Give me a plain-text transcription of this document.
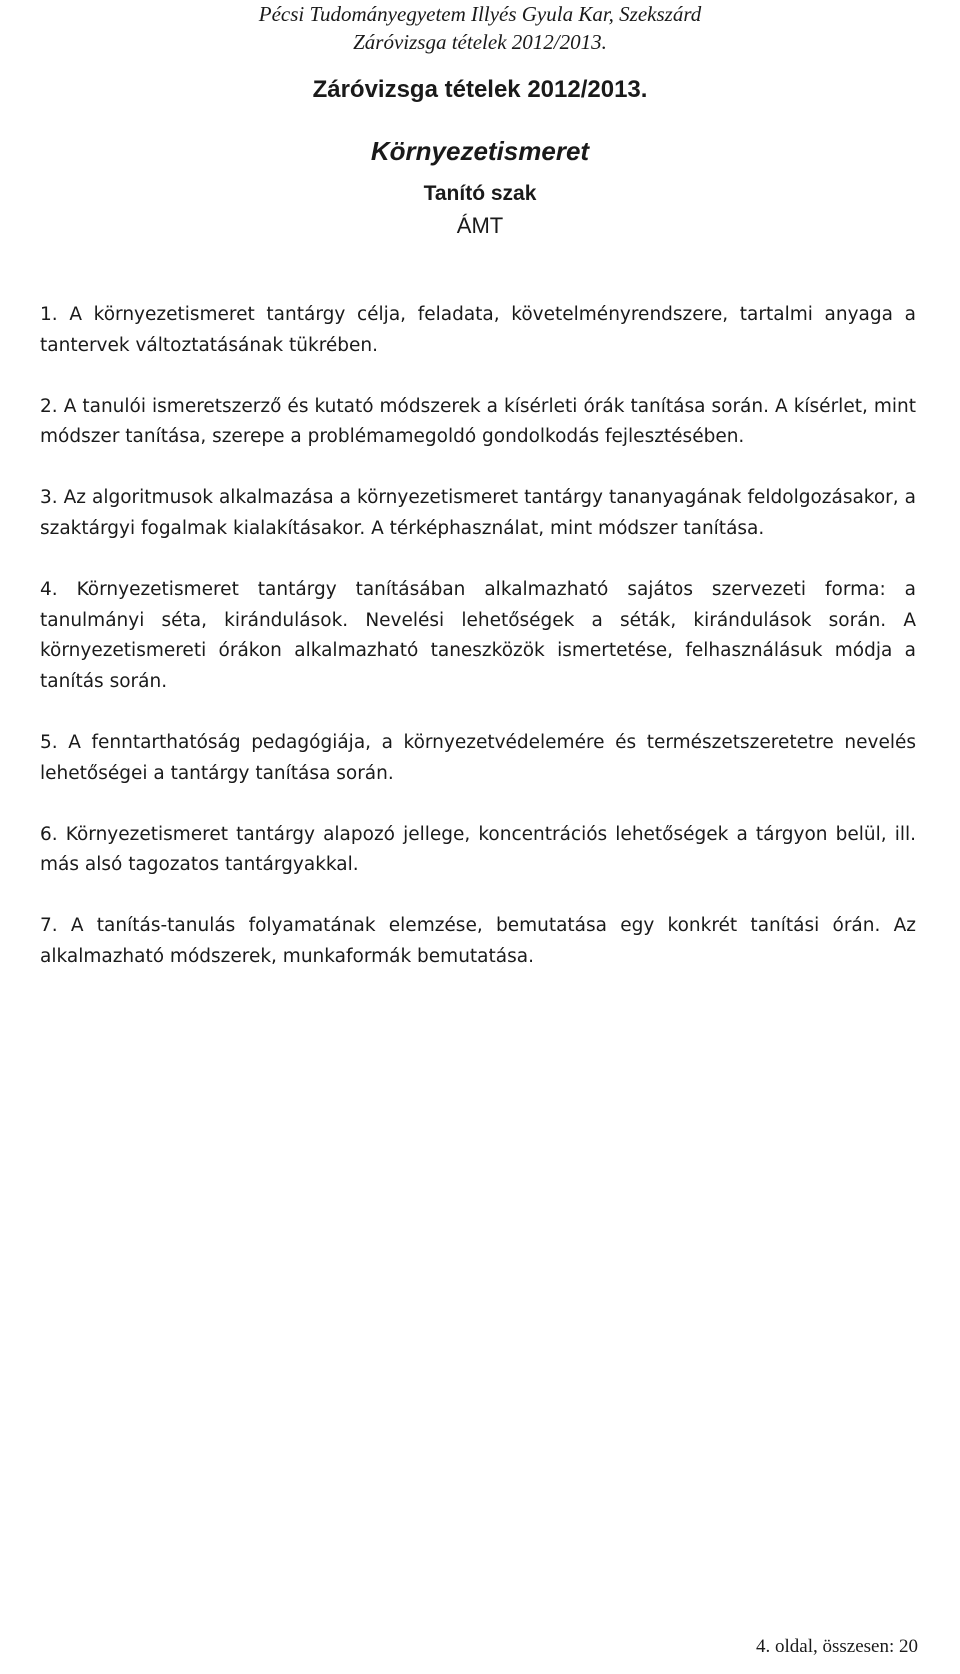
Pécsi Tudományegyetem Illyés Gyula Kar, Szekszárd
Záróvizsga tételek 2012/2013.
Záróvizsga tételek 2012/2013.
Környezetismeret
Tanító szak
ÁMT
1. A környezetismeret tantárgy célja, feladata, követelményrendszere, tartalmi anyaga a tantervek változtatásának tükrében.
2. A tanulói ismeretszerző és kutató módszerek a kísérleti órák tanítása során. A kísérlet, mint módszer tanítása, szerepe a problémamegoldó gondolkodás fejlesztésében.
3. Az algoritmusok alkalmazása a környezetismeret tantárgy tananyagának feldolgozásakor, a szaktárgyi fogalmak kialakításakor. A térképhasználat, mint módszer tanítása.
4. Környezetismeret tantárgy tanításában alkalmazható sajátos szervezeti forma: a tanulmányi séta, kirándulások. Nevelési lehetőségek a séták, kirándulások során. A környezetismereti órákon alkalmazható taneszközök ismertetése, felhasználásuk módja a tanítás során.
5. A fenntarthatóság pedagógiája, a környezetvédelemére és természetszeretetre nevelés lehetőségei a tantárgy tanítása során.
6. Környezetismeret tantárgy alapozó jellege, koncentrációs lehetőségek a tárgyon belül, ill. más alsó tagozatos tantárgyakkal.
7. A tanítás-tanulás folyamatának elemzése, bemutatása egy konkrét tanítási órán. Az alkalmazható módszerek, munkaformák bemutatása.
4. oldal, összesen: 20
